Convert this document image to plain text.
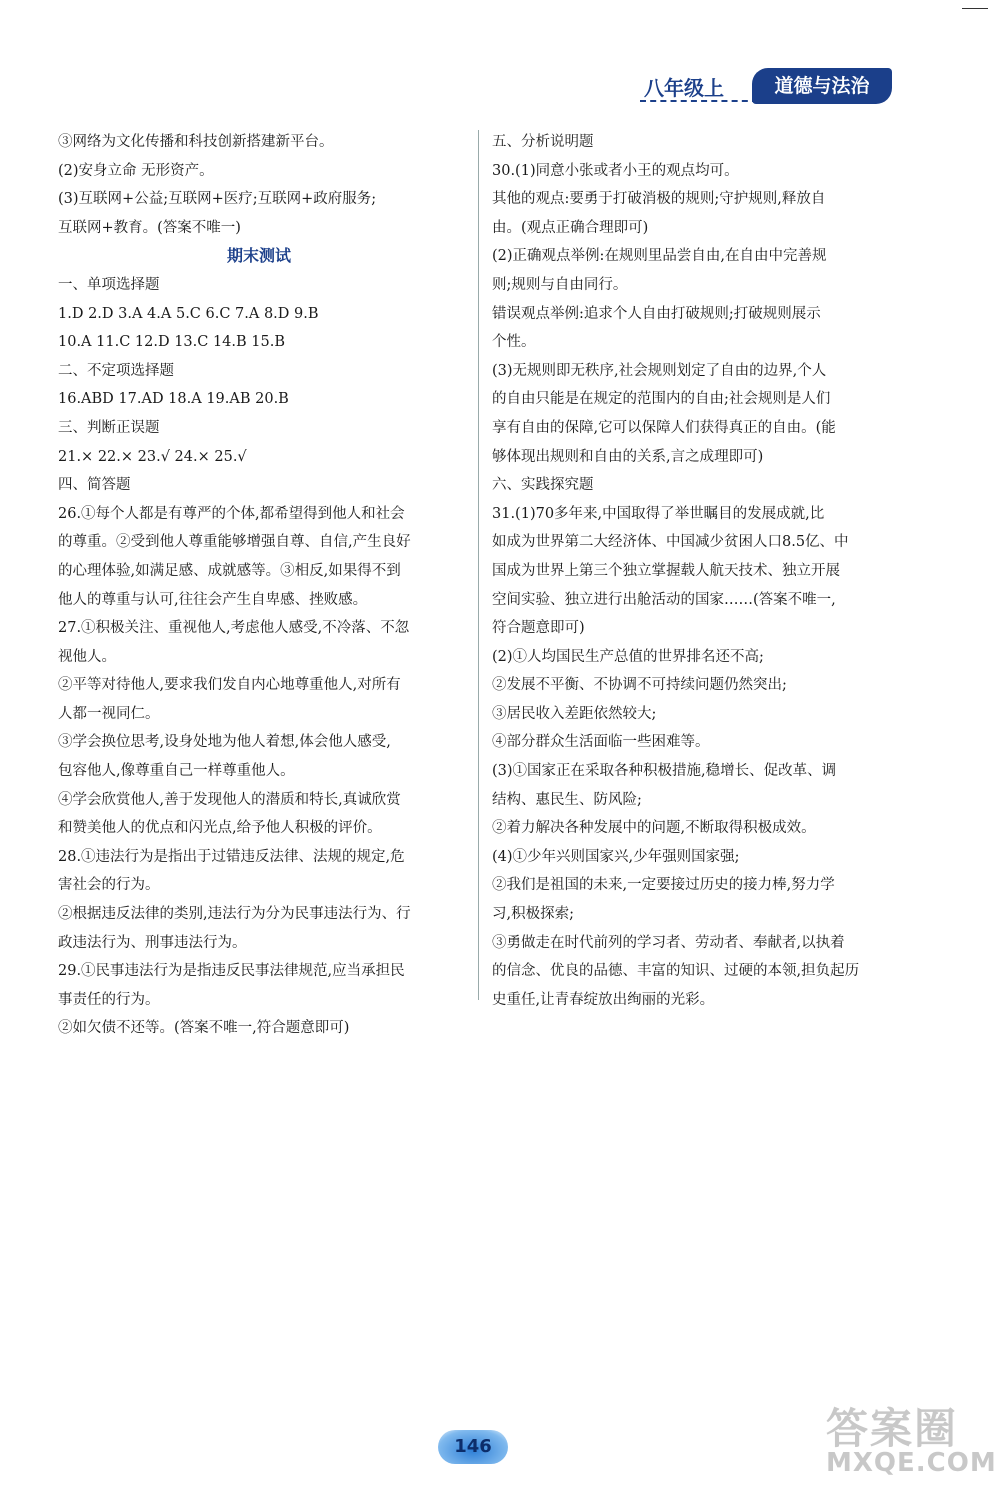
八年级上	道德与法治
③网络为文化传播和科技创新搭建新平台。
(2)安身立命 无形资产。
(3)互联网+公益;互联网+医疗;互联网+政府服务;
互联网+教育。(答案不唯一)
期末测试
一、单项选择题
1.D 2.D 3.A 4.A 5.C 6.C 7.A 8.D 9.B
10.A 11.C 12.D 13.C 14.B 15.B
二、不定项选择题
16.ABD 17.AD 18.A 19.AB 20.B
三、判断正误题
21.× 22.× 23.√ 24.× 25.√
四、简答题
26.①每个人都是有尊严的个体,都希望得到他人和社会
的尊重。②受到他人尊重能够增强自尊、自信,产生良好
的心理体验,如满足感、成就感等。③相反,如果得不到
他人的尊重与认可,往往会产生自卑感、挫败感。
27.①积极关注、重视他人,考虑他人感受,不冷落、不忽
视他人。
②平等对待他人,要求我们发自内心地尊重他人,对所有
人都一视同仁。
③学会换位思考,设身处地为他人着想,体会他人感受,
包容他人,像尊重自己一样尊重他人。
④学会欣赏他人,善于发现他人的潜质和特长,真诚欣赏
和赞美他人的优点和闪光点,给予他人积极的评价。
28.①违法行为是指出于过错违反法律、法规的规定,危
害社会的行为。
②根据违反法律的类别,违法行为分为民事违法行为、行
政违法行为、刑事违法行为。
29.①民事违法行为是指违反民事法律规范,应当承担民
事责任的行为。
②如欠债不还等。(答案不唯一,符合题意即可)
五、分析说明题
30.(1)同意小张或者小王的观点均可。
其他的观点:要勇于打破消极的规则;守护规则,释放自
由。(观点正确合理即可)
(2)正确观点举例:在规则里品尝自由,在自由中完善规
则;规则与自由同行。
错误观点举例:追求个人自由打破规则;打破规则展示
个性。
(3)无规则即无秩序,社会规则划定了自由的边界,个人
的自由只能是在规定的范围内的自由;社会规则是人们
享有自由的保障,它可以保障人们获得真正的自由。(能
够体现出规则和自由的关系,言之成理即可)
六、实践探究题
31.(1)70多年来,中国取得了举世瞩目的发展成就,比
如成为世界第二大经济体、中国减少贫困人口8.5亿、中
国成为世界上第三个独立掌握载人航天技术、独立开展
空间实验、独立进行出舱活动的国家……(答案不唯一,
符合题意即可)
(2)①人均国民生产总值的世界排名还不高;
②发展不平衡、不协调不可持续问题仍然突出;
③居民收入差距依然较大;
④部分群众生活面临一些困难等。
(3)①国家正在采取各种积极措施,稳增长、促改革、调
结构、惠民生、防风险;
②着力解决各种发展中的问题,不断取得积极成效。
(4)①少年兴则国家兴,少年强则国家强;
②我们是祖国的未来,一定要接过历史的接力棒,努力学
习,积极探索;
③勇做走在时代前列的学习者、劳动者、奉献者,以执着
的信念、优良的品德、丰富的知识、过硬的本领,担负起历
史重任,让青春绽放出绚丽的光彩。
146	答案圈
MXQE.COM
